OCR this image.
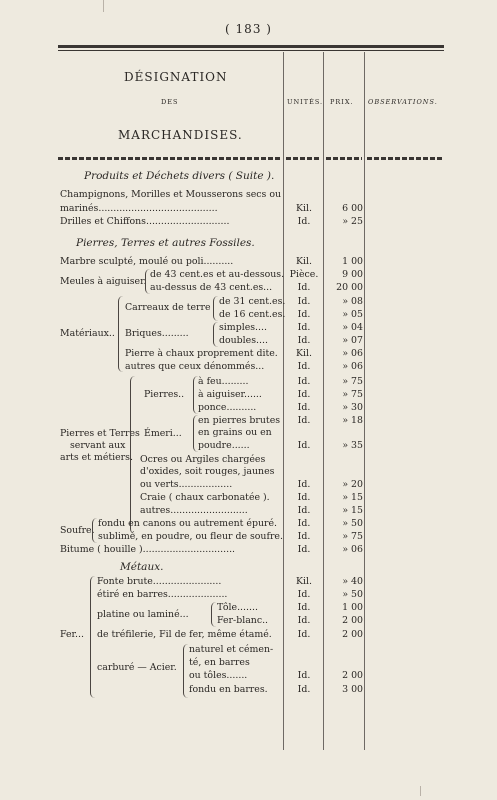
( 183 )
DÉSIGNATION
DES
MARCHANDISES.
UNITÉS. PRIX. OBSERVATIONS.
Produits et Déchets divers ( Suite ).
Champignons, Morilles et Mousserons secs ou
marinés........................................	Kil.	6 00
Drilles et Chiffons............................	Id.	» 25
Pierres, Terres et autres Fossiles.
Marbre sculpté, moulé ou poli..........	Kil.	1 00
Meules à aiguiser.
de 43 cent.es et au-dessous. Pièce.	9 00
au-dessus de 43 cent.es...	Id.	20 00
Matériaux..
Carreaux de terre
de 31 cent.es.	Id.	» 08
de 16 cent.es.	Id.	» 05
Briques.........
simples....	Id.	» 04
doubles....	Id.	» 07
Pierre à chaux proprement dite.	Kil.	» 06
autres que ceux dénommés...	Id.	» 06
Pierres et Terres
servant aux
arts et métiers.
Pierres..
à feu.........	Id.	» 75
à aiguiser......	Id.	» 75
ponce..........	Id.	» 30
Émeri...
en pierres brutes	Id.	» 18
en grains ou en
poudre......	Id.	» 35
Ocres ou Argiles chargées
d'oxides, soit rouges, jaunes
ou verts..................	Id.	» 20
Craie ( chaux carbonatée ).	Id.	» 15
autres..........................	Id.	» 15
Soufre.
fondu en canons ou autrement épuré.	Id.	» 50
sublimé, en poudre, ou fleur de soufre.	Id.	» 75
Bitume ( houille )...............................	Id.	» 06
Métaux.
Fer...
Fonte brute.......................	Kil.	» 40
étiré en barres....................	Id.	» 50
platine ou laminé...
Tôle.......	Id.	1 00
Fer-blanc..	Id.	2 00
de tréfilerie, Fil de fer, même étamé.	Id.	2 00
carburé — Acier.
naturel et cémen-
té, en barres
ou tôles.......	Id.	2 00
fondu en barres.	Id.	3 00
